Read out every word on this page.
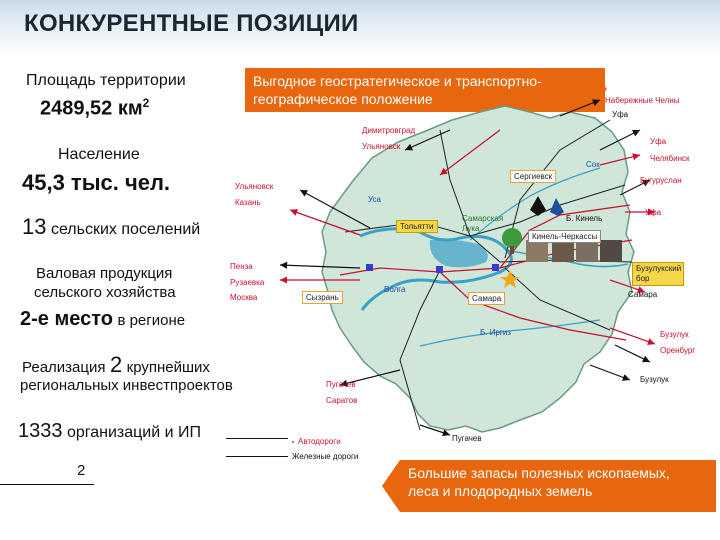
КОНКУРЕНТНЫЕ ПОЗИЦИИ
Площадь территории
2489,52 $км^2$
Население
45,3 тыс. чел.
13 сельских поселений
Валовая продукция
сельского хозяйства
2-е место в регионе
Реализация 2 крупнейших
региональных инвестпроектов
1333 организаций и ИП
2
Выгодное геостратегическое и транспортно-
географическое положение
Большие запасы полезных ископаемых,
леса и плодородных земель
Набережные Челны
Уфа
Димитровград
Ульяновск
Уфа
Челябинск
Ульяновск
Казань
Бугуруслан
Уфа
Пенза
Рузаевка
Москва	Самара
Бузулук
Оренбург
Бузулук
Пугачев
Саратов
Пугачев
Сок
Сергиевск
Уса
Тольятти
Самарская Лука
Б. Кинель
Кинель-Черкассы
Сызрань
Волга
Самара
Б. Иргиз
Бузулукский бор
Автодороги
Железные дороги
